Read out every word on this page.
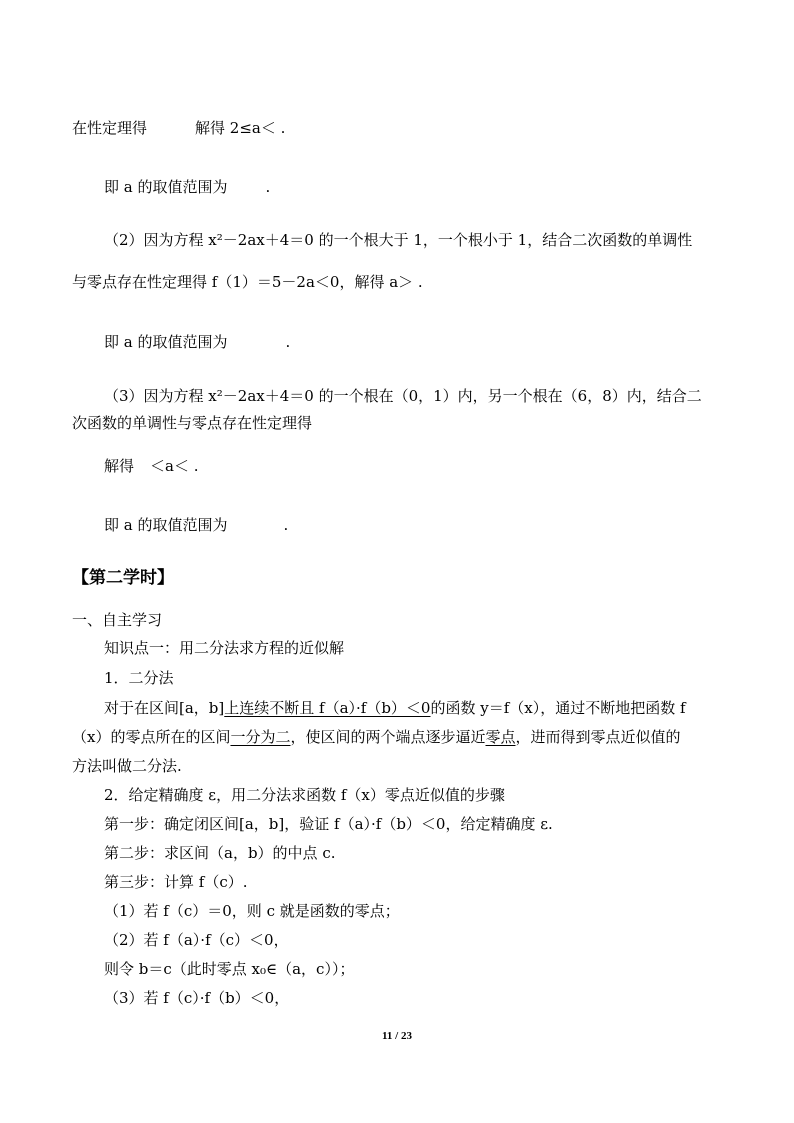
在性定理得	解得 2≤a＜ .
即 a 的取值范围为	.
（2）因为方程 x²－2ax＋4＝0 的一个根大于 1，一个根小于 1，结合二次函数的单调性
与零点存在性定理得 f（1）＝5－2a＜0，解得 a＞ .
即 a 的取值范围为	.
（3）因为方程 x²－2ax＋4＝0 的一个根在（0，1）内，另一个根在（6，8）内，结合二
次函数的单调性与零点存在性定理得
解得 ＜a＜ .
即 a 的取值范围为	.
【第二学时】
一、自主学习
知识点一：用二分法求方程的近似解
1．二分法
对于在区间[a，b]上连续不断且 f（a）·f（b）＜0的函数 y＝f（x），通过不断地把函数 f
（x）的零点所在的区间一分为二，使区间的两个端点逐步逼近零点，进而得到零点近似值的
方法叫做二分法.
2．给定精确度 ε，用二分法求函数 f（x）零点近似值的步骤
第一步：确定闭区间[a，b]，验证 f（a）·f（b）＜0，给定精确度 ε.
第二步：求区间（a，b）的中点 c.
第三步：计算 f（c）.
（1）若 f（c）＝0，则 c 就是函数的零点；
（2）若 f（a）·f（c）＜0，
则令 b＝c（此时零点 x₀∈（a，c））；
（3）若 f（c）·f（b）＜0，
11 / 23
